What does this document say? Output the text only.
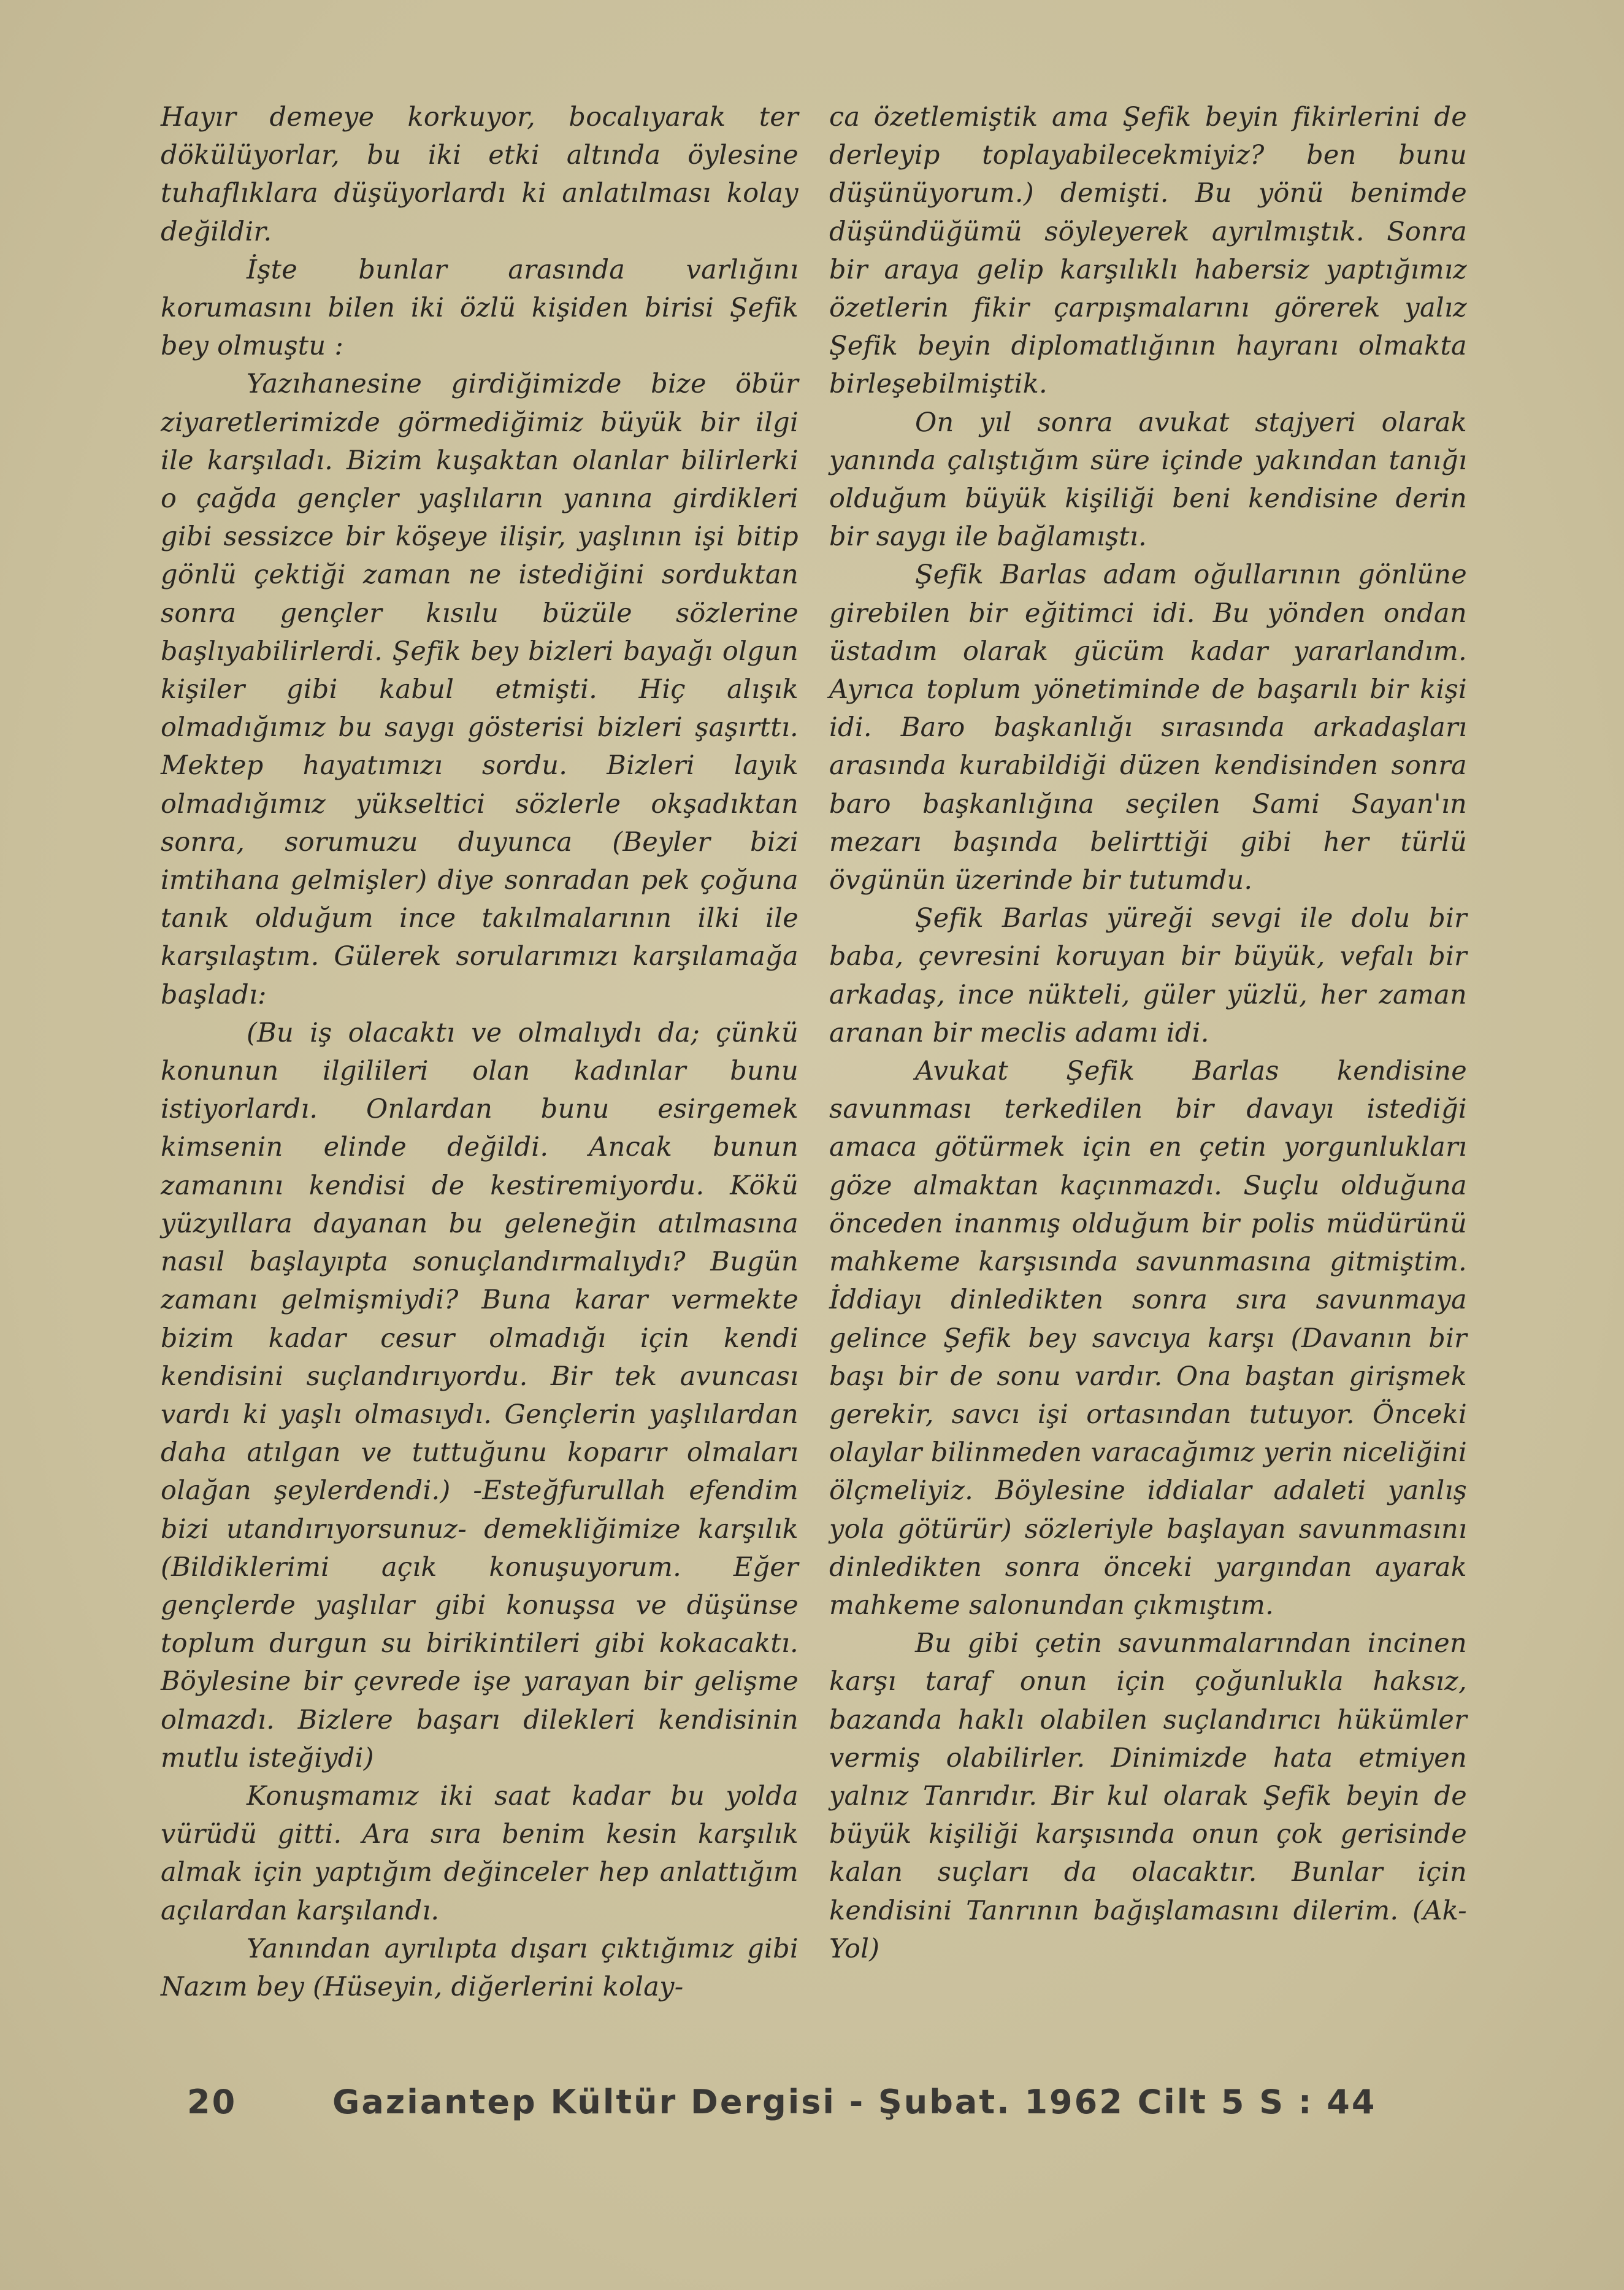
Hayır demeye korkuyor, bocalıyarak ter dökülüyorlar, bu iki etki altında öylesine tuhaflıklara düşüyorlardı ki anlatılması kolay değildir.

İşte bunlar arasında varlığını korumasını bilen iki özlü kişiden birisi Şefik bey olmuştu :

Yazıhanesine girdiğimizde bize öbür ziyaretlerimizde görmediğimiz büyük bir ilgi ile karşıladı. Bizim kuşaktan olanlar bilirlerki o çağda gençler yaşlıların yanına girdikleri gibi sessizce bir köşeye ilişir, yaşlının işi bitip gönlü çektiği zaman ne istediğini sorduktan sonra gençler kısılu büzüle sözlerine başlıyabilirlerdi. Şefik bey bizleri bayağı olgun kişiler gibi kabul etmişti. Hiç alışık olmadığımız bu saygı gösterisi bizleri şaşırttı. Mektep hayatımızı sordu. Bizleri layık olmadığımız yükseltici sözlerle okşadıktan sonra, sorumuzu duyunca (Beyler bizi imtihana gelmişler) diye sonradan pek çoğuna tanık olduğum ince takılmalarının ilki ile karşılaştım. Gülerek sorularımızı karşılamağa başladı:

(Bu iş olacaktı ve olmalıydı da; çünkü konunun ilgilileri olan kadınlar bunu istiyorlardı. Onlardan bunu esirgemek kimsenin elinde değildi. Ancak bunun zamanını kendisi de kestiremiyordu. Kökü yüzyıllara dayanan bu geleneğin atılmasına nasıl başlayıpta sonuçlandırmalıydı? Bugün zamanı gelmişmiydi? Buna karar vermekte bizim kadar cesur olmadığı için kendi kendisini suçlandırıyordu. Bir tek avuncası vardı ki yaşlı olmasıydı. Gençlerin yaşlılardan daha atılgan ve tuttuğunu koparır olmaları olağan şeylerdendi.) -Esteğfurullah efendim bizi utandırıyorsunuz- demekliğimize karşılık (Bildiklerimi açık konuşuyorum. Eğer gençlerde yaşlılar gibi konuşsa ve düşünse toplum durgun su birikintileri gibi kokacaktı. Böylesine bir çevrede işe yarayan bir gelişme olmazdı. Bizlere başarı dilekleri kendisinin mutlu isteğiydi)

Konuşmamız iki saat kadar bu yolda vürüdü gitti. Ara sıra benim kesin karşılık almak için yaptığım değinceler hep anlattığım açılardan karşılandı.

Yanından ayrılıpta dışarı çıktığımız gibi Nazım bey (Hüseyin, diğerlerini kolay-

ca özetlemiştik ama Şefik beyin fikirlerini de derleyip toplayabilecekmiyiz? ben bunu düşünüyorum.) demişti. Bu yönü benimde düşündüğümü söyleyerek ayrılmıştık. Sonra bir araya gelip karşılıklı habersiz yaptığımız özetlerin fikir çarpışmalarını görerek yalız Şefik beyin diplomatlığının hayranı olmakta birleşebilmiştik.

On yıl sonra avukat stajyeri olarak yanında çalıştığım süre içinde yakından tanığı olduğum büyük kişiliği beni kendisine derin bir saygı ile bağlamıştı.

Şefik Barlas adam oğullarının gönlüne girebilen bir eğitimci idi. Bu yönden ondan üstadım olarak gücüm kadar yararlandım. Ayrıca toplum yönetiminde de başarılı bir kişi idi. Baro başkanlığı sırasında arkadaşları arasında kurabildiği düzen kendisinden sonra baro başkanlığına seçilen Sami Sayan'ın mezarı başında belirttiği gibi her türlü övgünün üzerinde bir tutumdu.

Şefik Barlas yüreği sevgi ile dolu bir baba, çevresini koruyan bir büyük, vefalı bir arkadaş, ince nükteli, güler yüzlü, her zaman aranan bir meclis adamı idi.

Avukat Şefik Barlas kendisine savunması terkedilen bir davayı istediği amaca götürmek için en çetin yorgunlukları göze almaktan kaçınmazdı. Suçlu olduğuna önceden inanmış olduğum bir polis müdürünü mahkeme karşısında savunmasına gitmiştim. İddiayı dinledikten sonra sıra savunmaya gelince Şefik bey savcıya karşı (Davanın bir başı bir de sonu vardır. Ona baştan girişmek gerekir, savcı işi ortasından tutuyor. Önceki olaylar bilinmeden varacağımız yerin niceliğini ölçmeliyiz. Böylesine iddialar adaleti yanlış yola götürür) sözleriyle başlayan savunmasını dinledikten sonra önceki yargından ayarak mahkeme salonundan çıkmıştım.

Bu gibi çetin savunmalarından incinen karşı taraf onun için çoğunlukla haksız, bazanda haklı olabilen suçlandırıcı hükümler vermiş olabilirler. Dinimizde hata etmiyen yalnız Tanrıdır. Bir kul olarak Şefik beyin de büyük kişiliği karşısında onun çok gerisinde kalan suçları da olacaktır. Bunlar için kendisini Tanrının bağışlamasını dilerim. (Ak-Yol)

20	Gaziantep Kültür Dergisi - Şubat. 1962 Cilt 5 S : 44
